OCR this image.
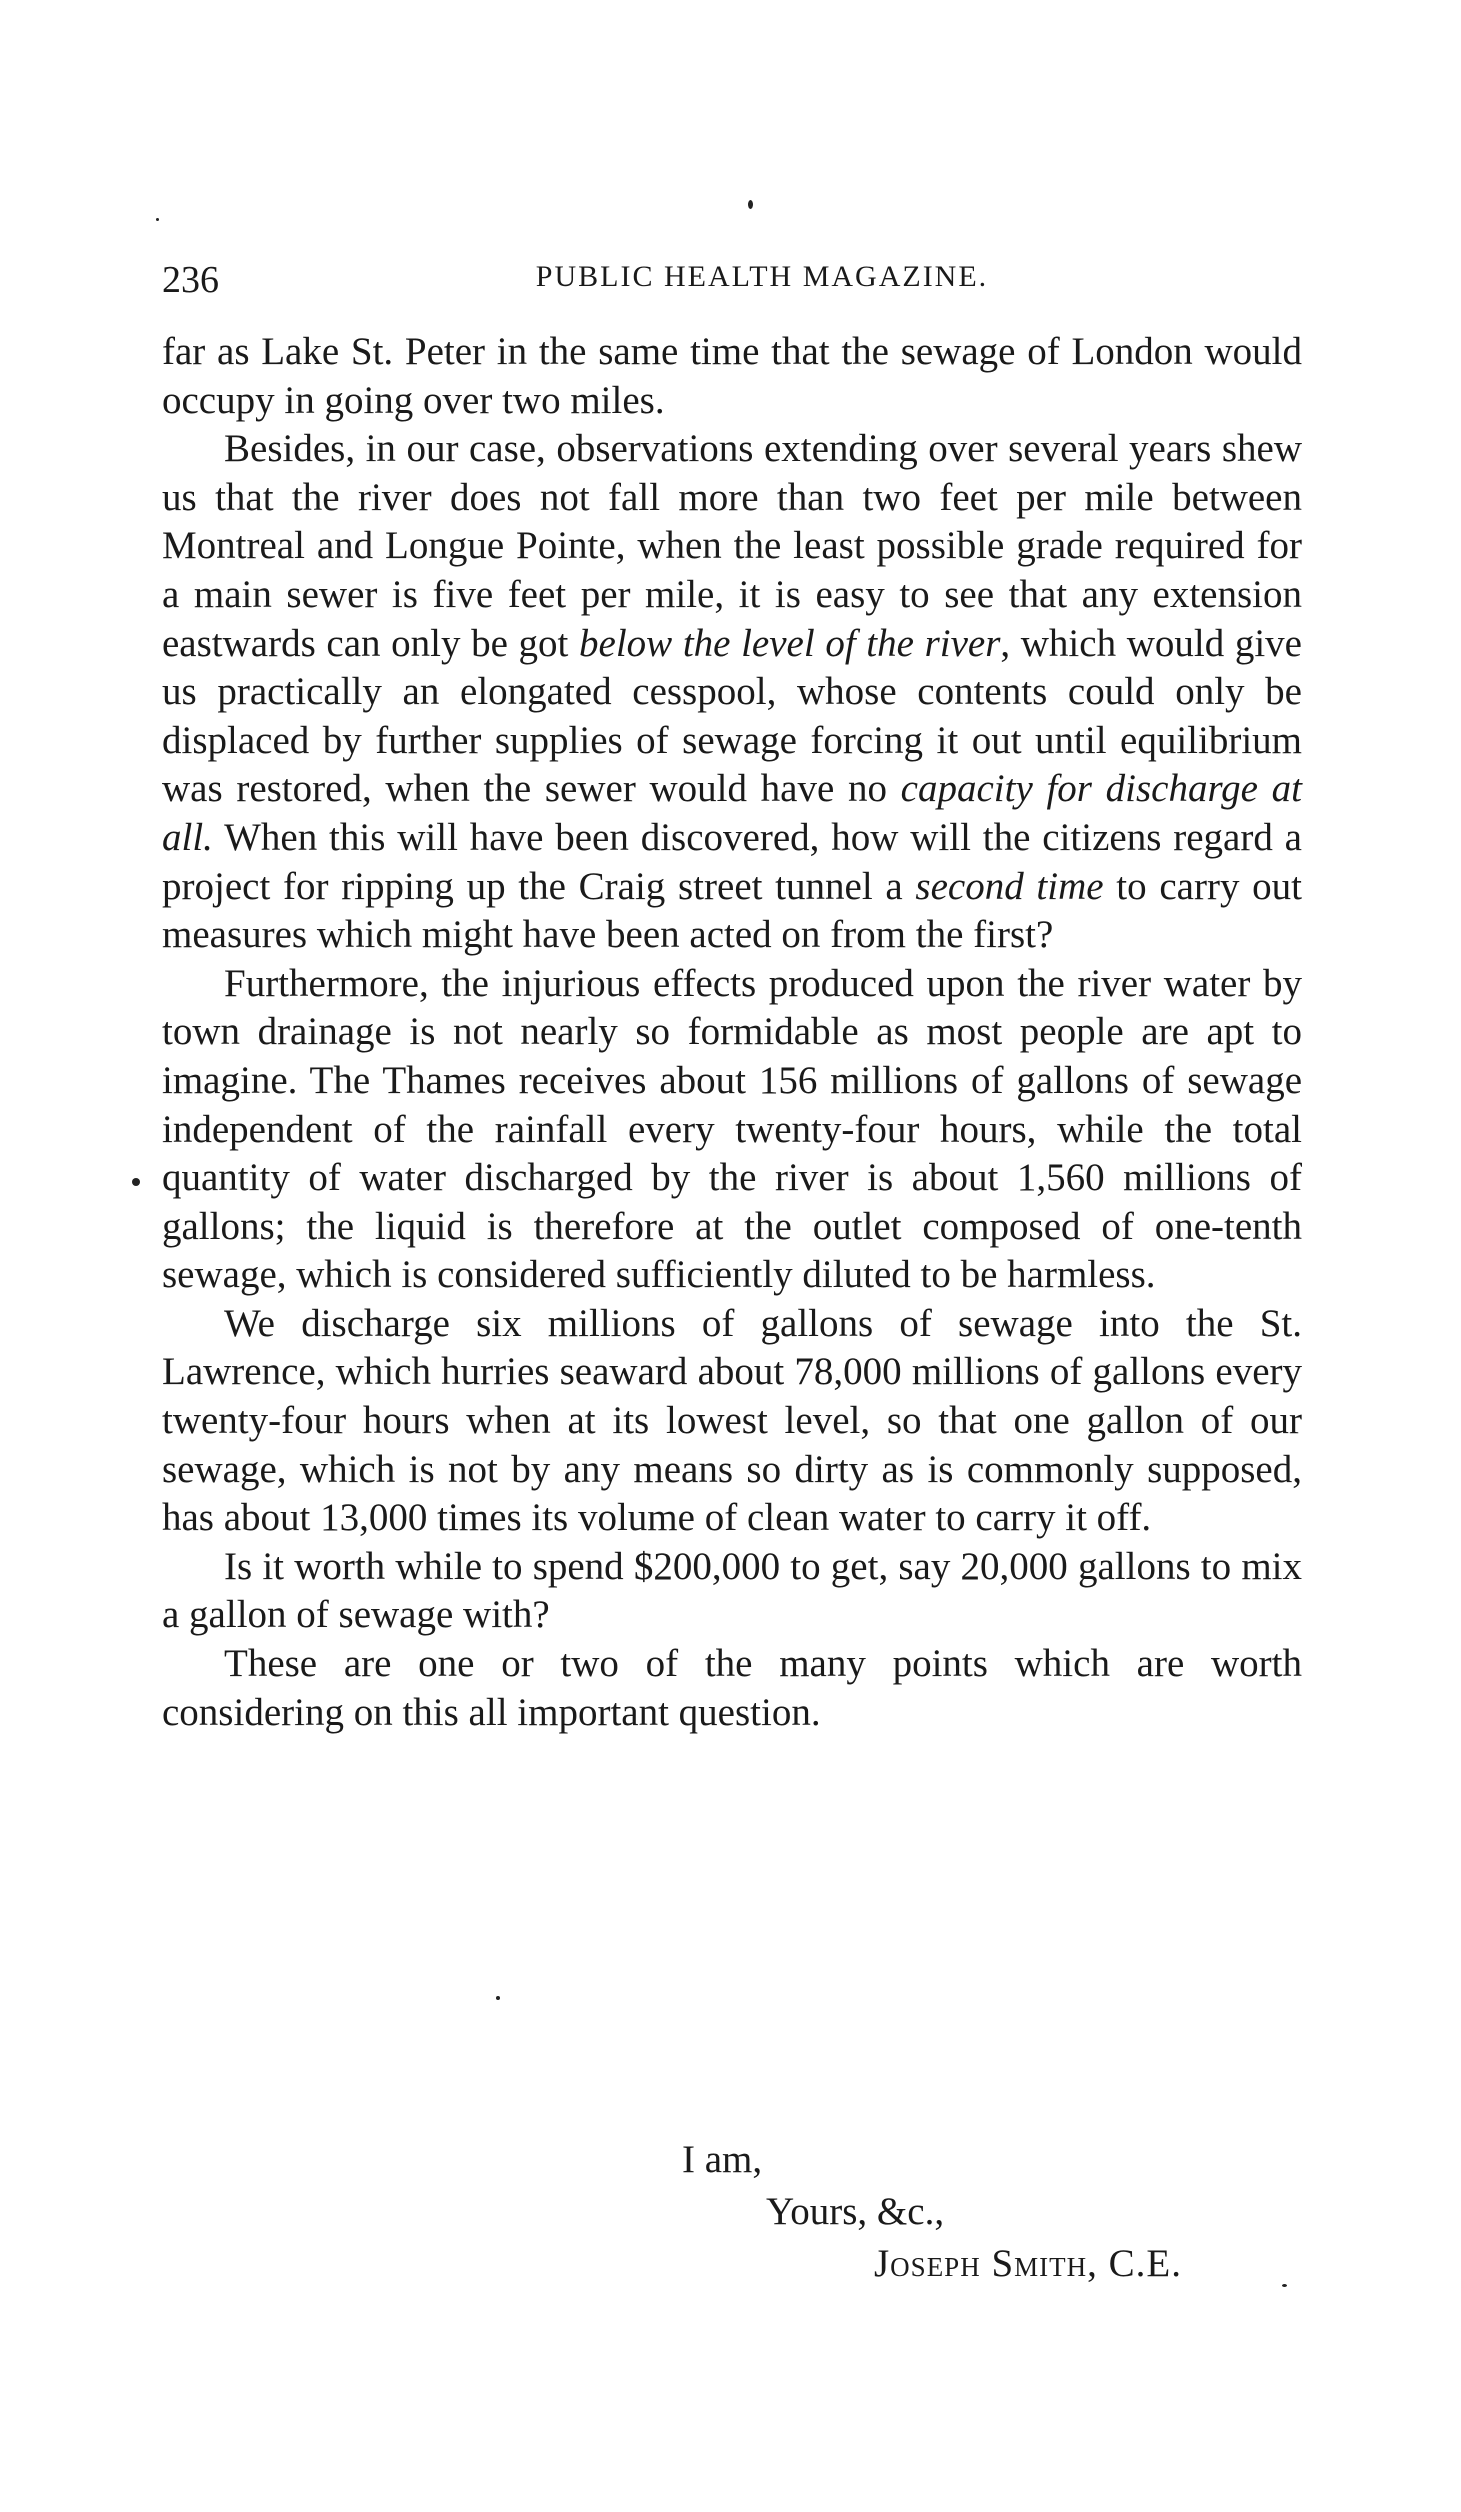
236	PUBLIC HEALTH MAGAZINE.

far as Lake St. Peter in the same time that the sewage of London would occupy in going over two miles.

Besides, in our case, observations extending over several years shew us that the river does not fall more than two feet per mile between Montreal and Longue Pointe, when the least possible grade required for a main sewer is five feet per mile, it is easy to see that any extension eastwards can only be got below the level of the river, which would give us practically an elongated cesspool, whose contents could only be displaced by further supplies of sewage forcing it out until equilibrium was restored, when the sewer would have no capacity for discharge at all. When this will have been discovered, how will the citizens regard a project for ripping up the Craig street tunnel a second time to carry out measures which might have been acted on from the first?

Furthermore, the injurious effects produced upon the river water by town drainage is not nearly so formidable as most people are apt to imagine. The Thames receives about 156 millions of gallons of sewage independent of the rainfall every twenty-four hours, while the total quantity of water discharged by the river is about 1,560 millions of gallons; the liquid is therefore at the outlet composed of one-tenth sewage, which is considered sufficiently diluted to be harmless.

We discharge six millions of gallons of sewage into the St. Lawrence, which hurries seaward about 78,000 millions of gallons every twenty-four hours when at its lowest level, so that one gallon of our sewage, which is not by any means so dirty as is commonly supposed, has about 13,000 times its volume of clean water to carry it off.

Is it worth while to spend $200,000 to get, say 20,000 gallons to mix a gallon of sewage with?

These are one or two of the many points which are worth considering on this all important question.

I am,
Yours, &c.,
Joseph Smith, C.E.
